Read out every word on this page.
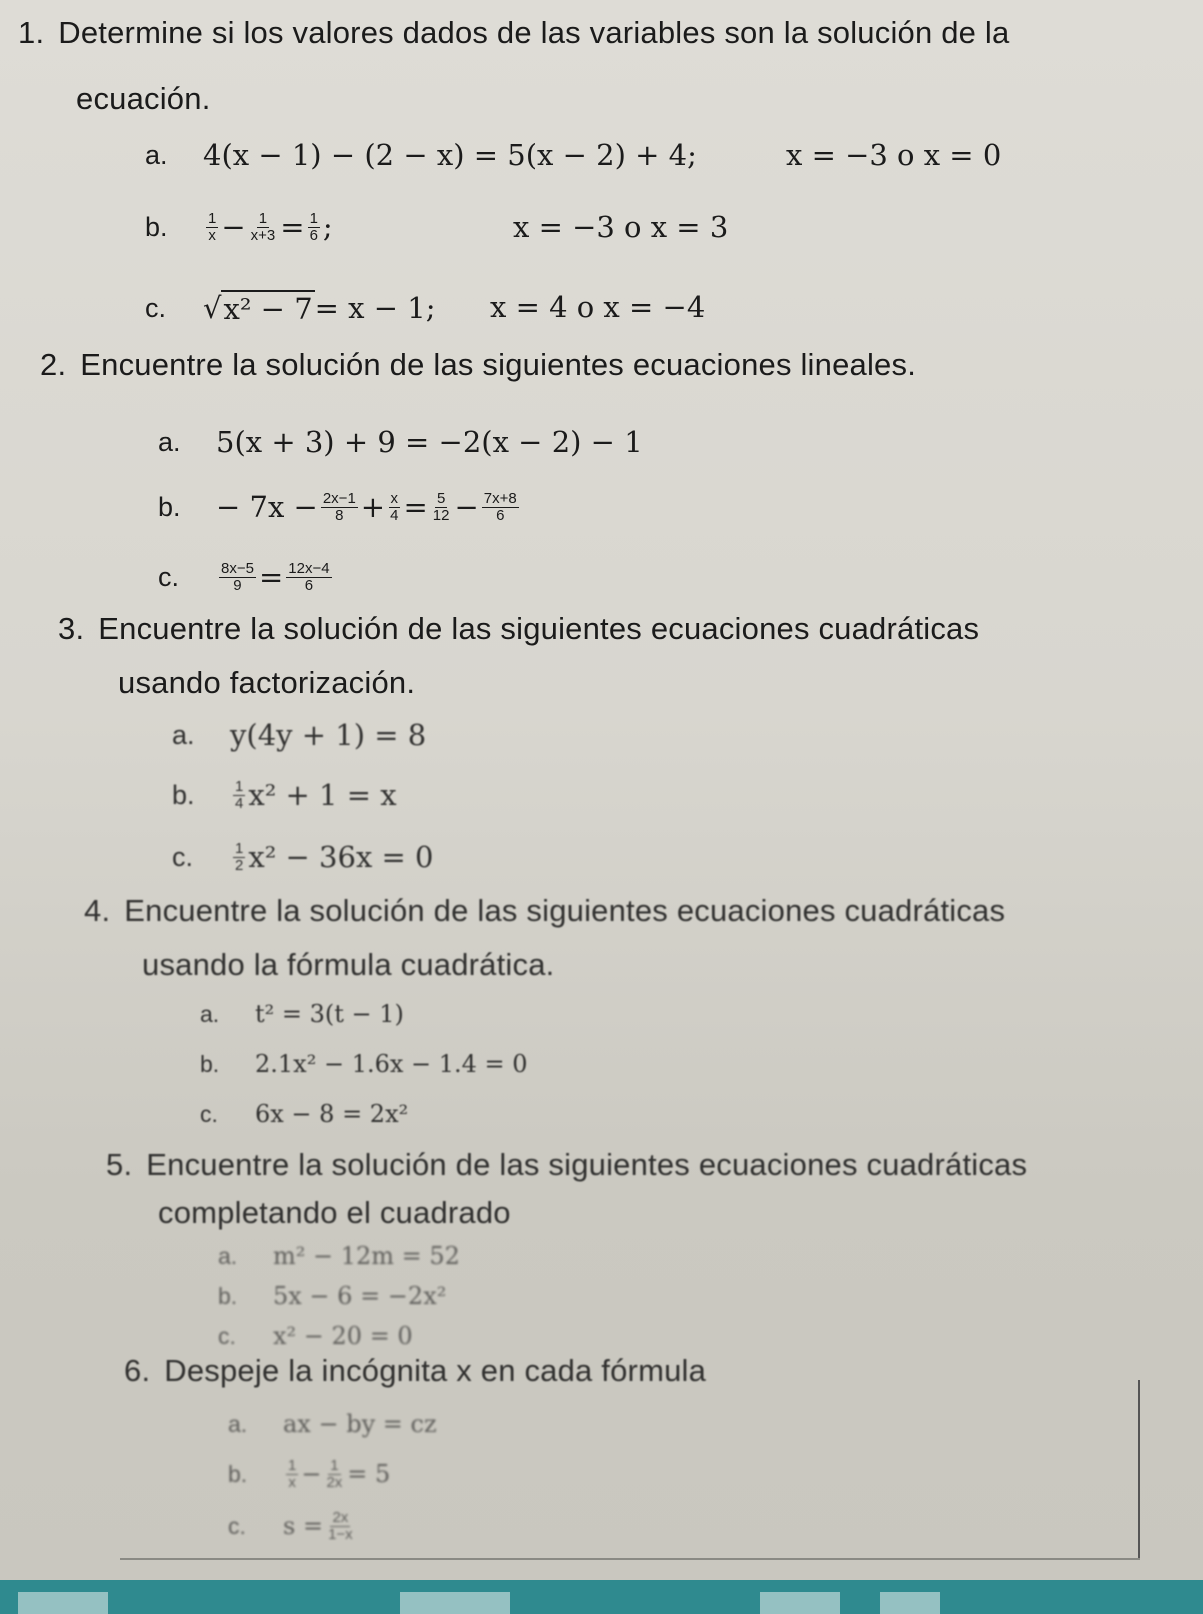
1. Determine si los valores dados de las variables son la solución de la
ecuación.
a.	4(x − 1) − (2 − x) = 5(x − 2) + 4;	x = −3 o x = 0
b.	$\frac{1}{x} - \frac{1}{x+3} = \frac{1}{6}$ ;	x = −3 o x = 3
c.	√ x² − 7 = x − 1; x = 4 o x = −4
2. Encuentre la solución de las siguientes ecuaciones lineales.
a.	5(x + 3) + 9 = −2(x − 2) − 1
b.	− $7x - \frac{2x-1}{8} + \frac{x}{4} = \frac{5}{12} - \frac{7x+8}{6}$
c.	$\frac{8x-5}{9} = \frac{12x-4}{6}$
3. Encuentre la solución de las siguientes ecuaciones cuadráticas
usando factorización.
a.	y(4y + 1) = 8
b.	$\frac{1}{4} x^2 + 1 = x$
c.	$\frac{1}{2} x^2 - 36x = 0$
4. Encuentre la solución de las siguientes ecuaciones cuadráticas
usando la fórmula cuadrática.
a.	t² = 3(t − 1)
b.	2.1x² − 1.6x − 1.4 = 0
c.	6x − 8 = 2x²
5. Encuentre la solución de las siguientes ecuaciones cuadráticas
completando el cuadrado
a.	m² − 12m = 52
b.	5x − 6 = −2x²
c.	x² − 20 = 0
6. Despeje la incógnita x en cada fórmula
a.	ax − by = cz
b.	$\frac{1}{x} - \frac{1}{2x} = 5$
c.	$s = \frac{2x}{1-x}$
